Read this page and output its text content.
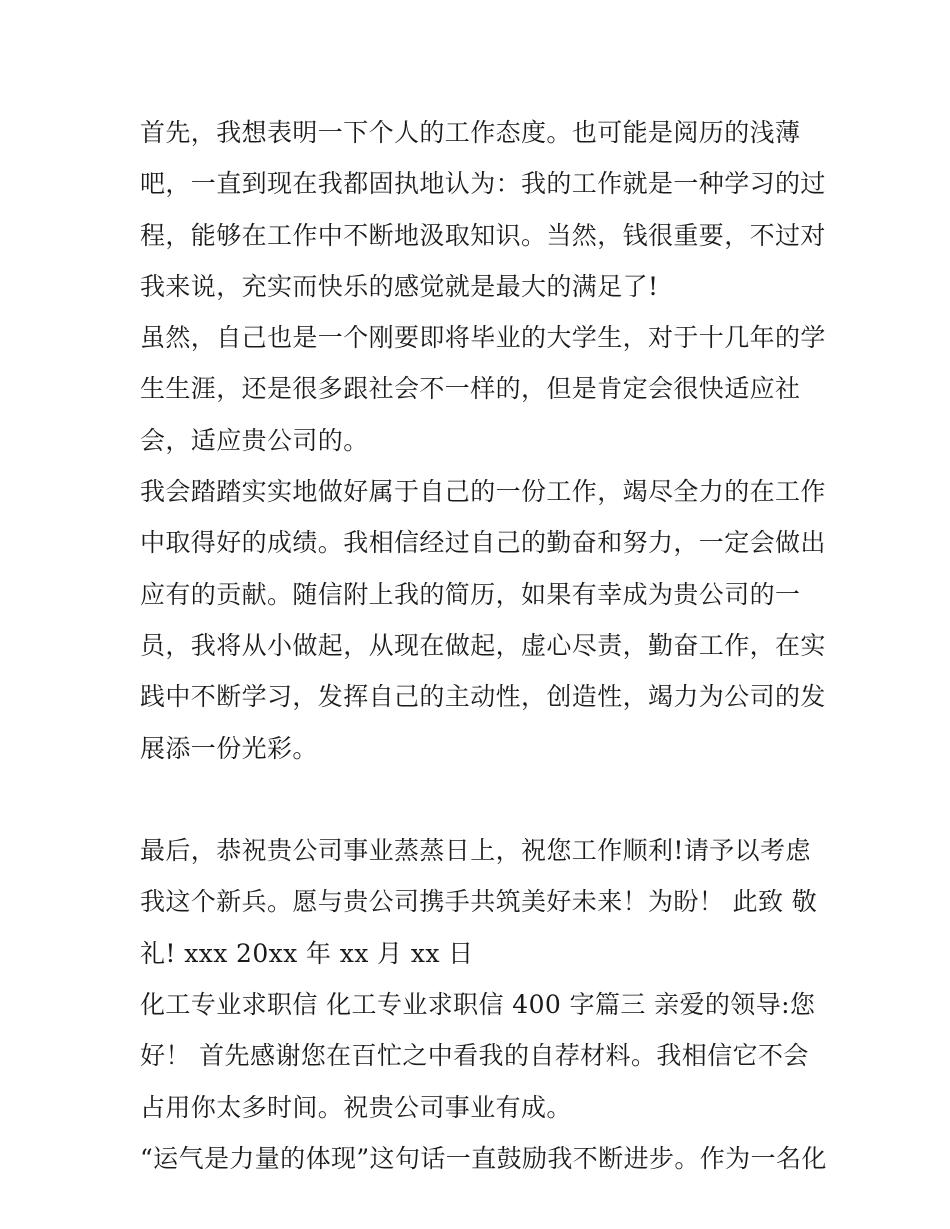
首先，我想表明一下个人的工作态度。也可能是阅历的浅薄
吧，一直到现在我都固执地认为：我的工作就是一种学习的过
程，能够在工作中不断地汲取知识。当然，钱很重要，不过对
我来说，充实而快乐的感觉就是最大的满足了!
虽然，自己也是一个刚要即将毕业的大学生，对于十几年的学
生生涯，还是很多跟社会不一样的，但是肯定会很快适应社
会，适应贵公司的。
我会踏踏实实地做好属于自己的一份工作，竭尽全力的在工作
中取得好的成绩。我相信经过自己的勤奋和努力，一定会做出
应有的贡献。随信附上我的简历，如果有幸成为贵公司的一
员，我将从小做起，从现在做起，虚心尽责，勤奋工作，在实
践中不断学习，发挥自己的主动性，创造性，竭力为公司的发
展添一份光彩。
最后，恭祝贵公司事业蒸蒸日上，祝您工作顺利!请予以考虑
我这个新兵。愿与贵公司携手共筑美好未来！为盼！ 此致 敬
礼! xxx 20xx 年 xx 月 xx 日
化工专业求职信 化工专业求职信 400 字篇三 亲爱的领导:您
好！ 首先感谢您在百忙之中看我的自荐材料。我相信它不会
占用你太多时间。祝贵公司事业有成。
“运气是力量的体现”这句话一直鼓励我不断进步。作为一名化
